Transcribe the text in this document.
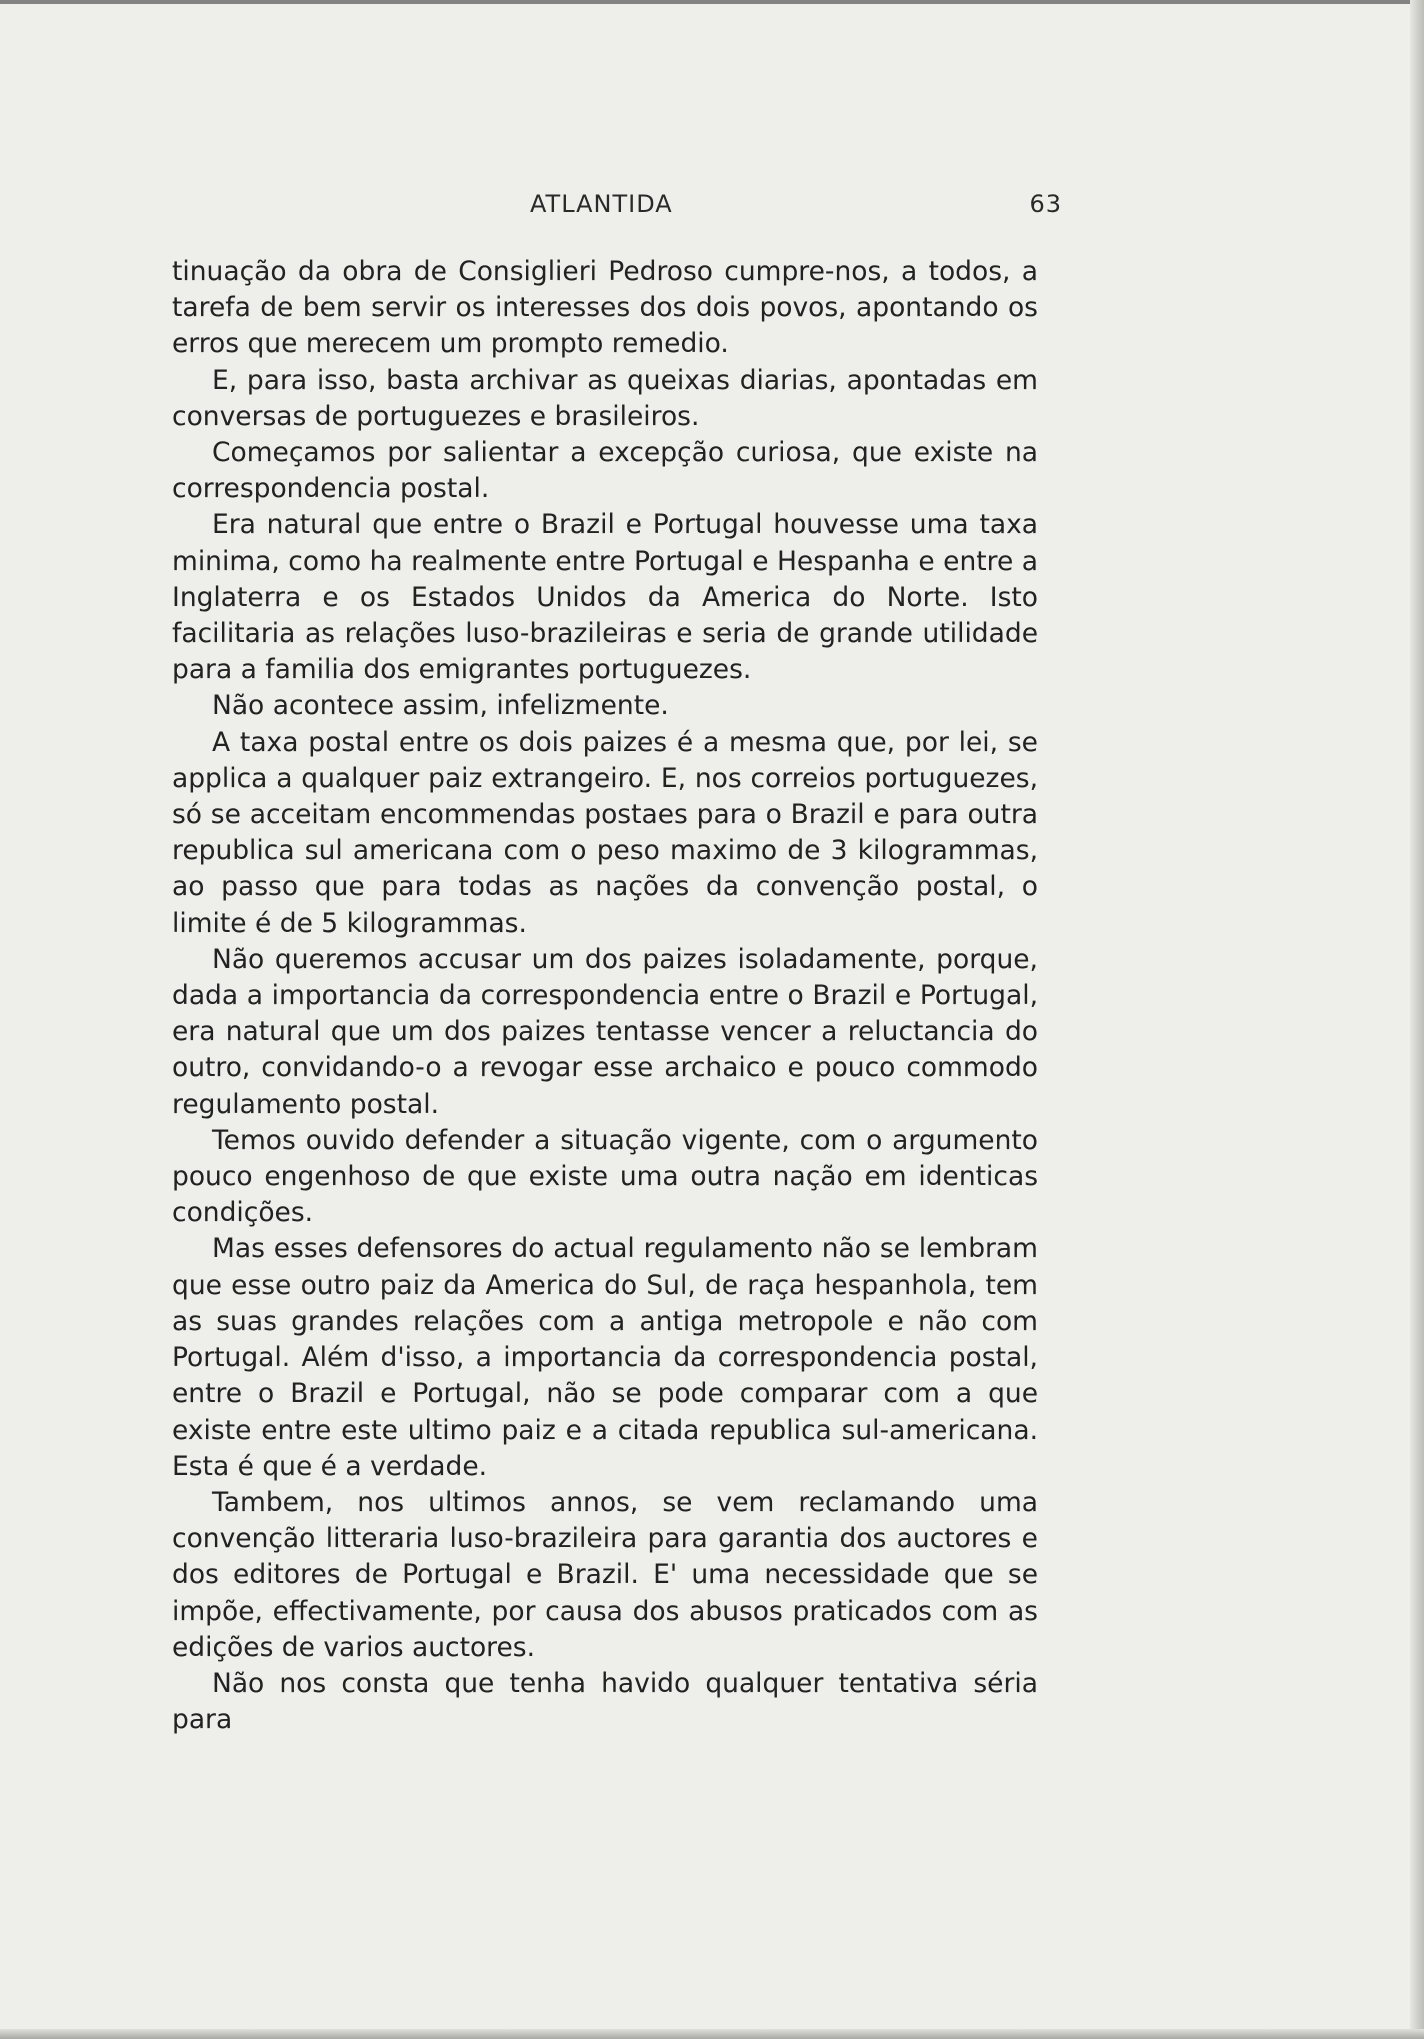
ATLANTIDA	63

tinuação da obra de Consiglieri Pedroso cumpre-nos, a todos, a tarefa de bem servir os interesses dos dois povos, apontando os erros que merecem um prompto remedio.

E, para isso, basta archivar as queixas diarias, apontadas em conversas de portuguezes e brasileiros.

Começamos por salientar a excepção curiosa, que existe na correspondencia postal.

Era natural que entre o Brazil e Portugal houvesse uma taxa minima, como ha realmente entre Portugal e Hespanha e entre a Inglaterra e os Estados Unidos da America do Norte. Isto facilitaria as relações luso-brazileiras e seria de grande utilidade para a familia dos emigrantes portuguezes.

Não acontece assim, infelizmente.

A taxa postal entre os dois paizes é a mesma que, por lei, se applica a qualquer paiz extrangeiro. E, nos correios portuguezes, só se acceitam encommendas postaes para o Brazil e para outra republica sul americana com o peso maximo de 3 kilogrammas, ao passo que para todas as nações da convenção postal, o limite é de 5 kilogrammas.

Não queremos accusar um dos paizes isoladamente, porque, dada a importancia da correspondencia entre o Brazil e Portugal, era natural que um dos paizes tentasse vencer a reluctancia do outro, convidando-o a revogar esse archaico e pouco commodo regulamento postal.

Temos ouvido defender a situação vigente, com o argumento pouco engenhoso de que existe uma outra nação em identicas condições.

Mas esses defensores do actual regulamento não se lembram que esse outro paiz da America do Sul, de raça hespanhola, tem as suas grandes relações com a antiga metropole e não com Portugal. Além d'isso, a importancia da correspondencia postal, entre o Brazil e Portugal, não se pode comparar com a que existe entre este ultimo paiz e a citada republica sul-americana. Esta é que é a verdade.

Tambem, nos ultimos annos, se vem reclamando uma convenção litteraria luso-brazileira para garantia dos auctores e dos editores de Portugal e Brazil. E' uma necessidade que se impõe, effectivamente, por causa dos abusos praticados com as edições de varios auctores.

Não nos consta que tenha havido qualquer tentativa séria para
